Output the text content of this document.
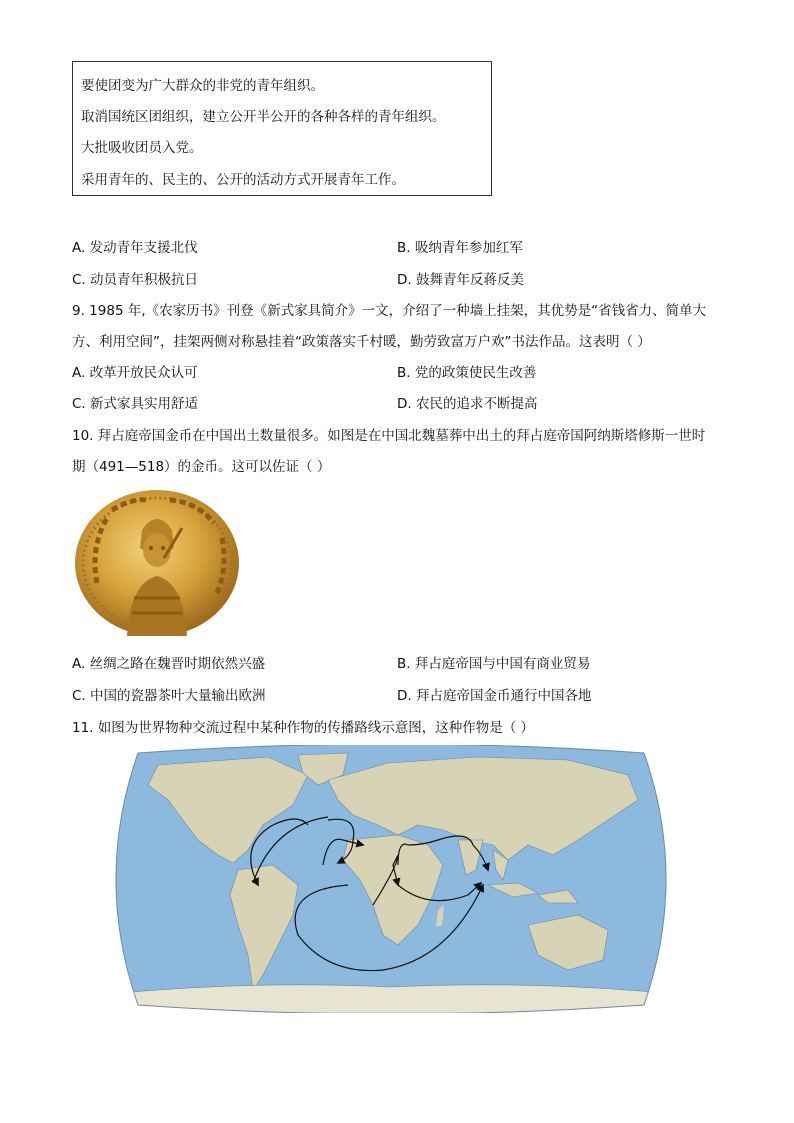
要使团变为广大群众的非党的青年组织。

取消国统区团组织，建立公开半公开的各种各样的青年组织。

大批吸收团员入党。

采用青年的、民主的、公开的活动方式开展青年工作。

A. 发动青年支援北伐	B. 吸纳青年参加红军
C. 动员青年积极抗日	D. 鼓舞青年反蒋反美
9. 1985 年,《农家历书》刊登《新式家具简介》一文，介绍了一种墙上挂架，其优势是“省钱省力、简单大
方、利用空间”，挂架两侧对称悬挂着“政策落实千村暖，勤劳致富万户欢”书法作品。这表明（ ）
A. 改革开放民众认可	B. 党的政策使民生改善
C. 新式家具实用舒适	D. 农民的追求不断提高
10. 拜占庭帝国金币在中国出土数量很多。如图是在中国北魏墓葬中出土的拜占庭帝国阿纳斯塔修斯一世时
期（491—518）的金币。这可以佐证（ ）
A. 丝绸之路在魏晋时期依然兴盛	B. 拜占庭帝国与中国有商业贸易
C. 中国的瓷器茶叶大量输出欧洲	D. 拜占庭帝国金币通行中国各地
11. 如图为世界物种交流过程中某种作物的传播路线示意图，这种作物是（ ）
